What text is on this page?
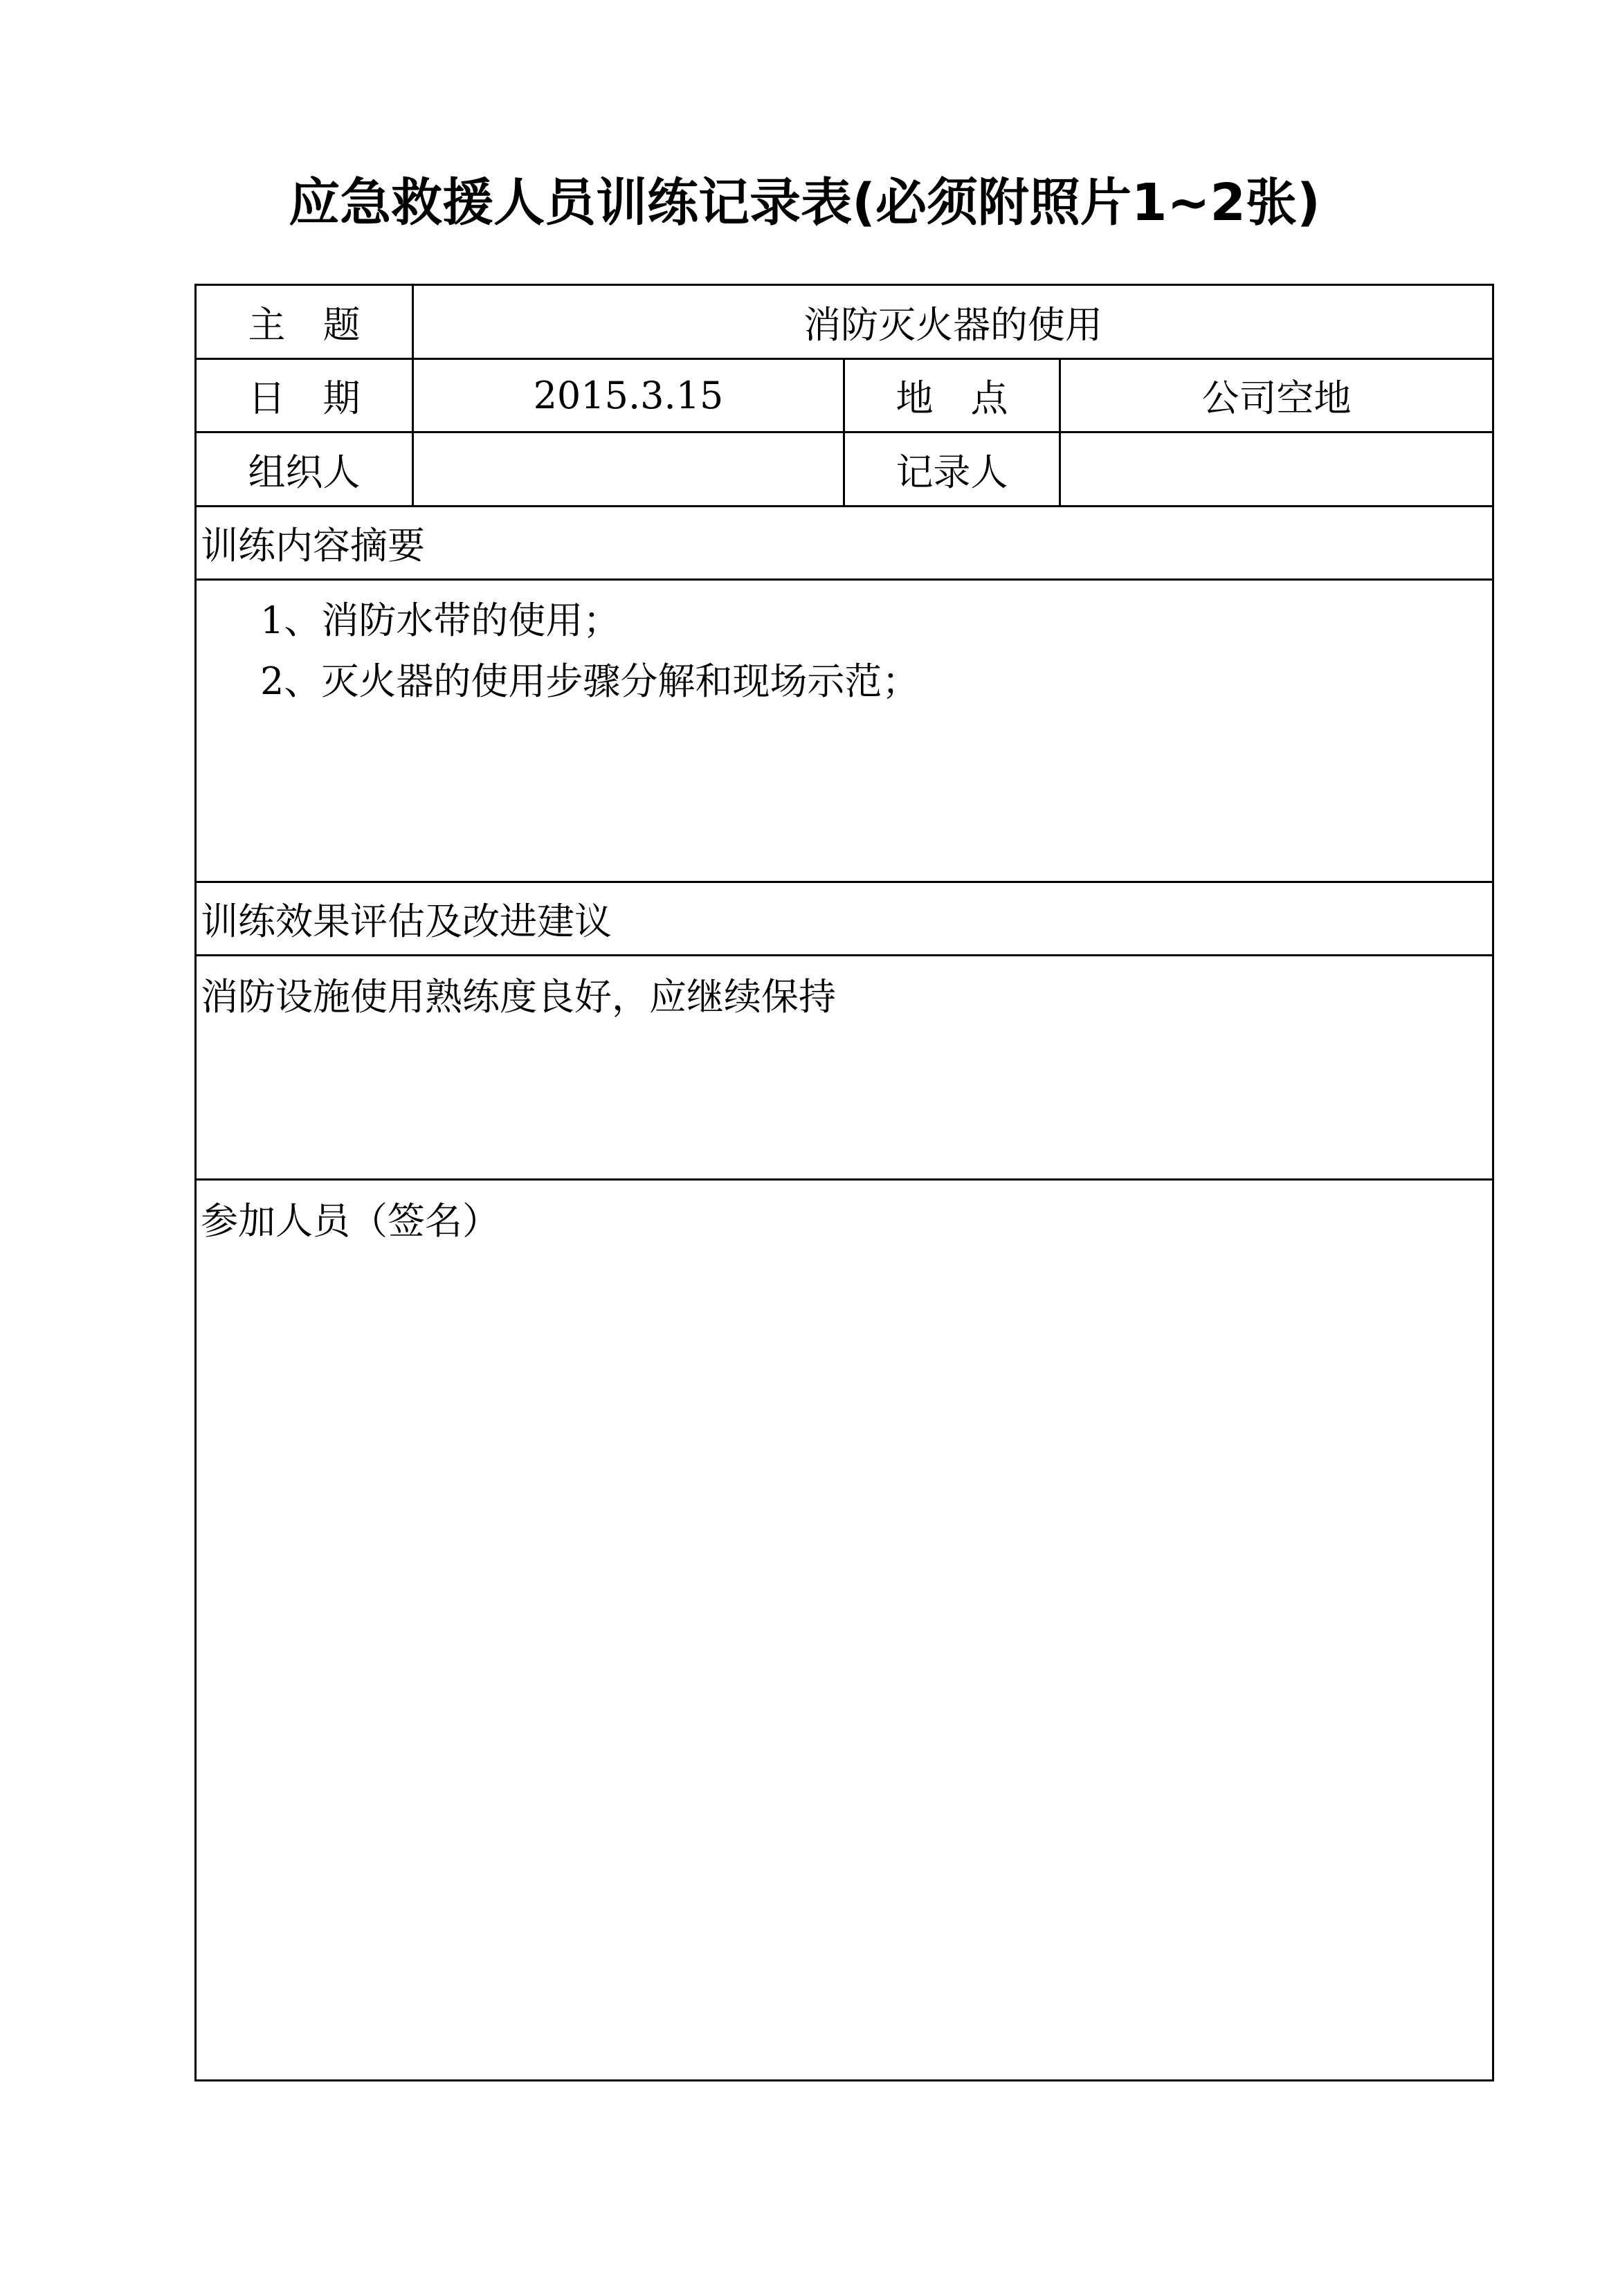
应急救援人员训练记录表(必须附照片1~2张)
主　题	消防灭火器的使用
日　期	2015.3.15	地　点	公司空地
组织人	记录人
训练内容摘要
1、消防水带的使用；
2、灭火器的使用步骤分解和现场示范；
训练效果评估及改进建议
消防设施使用熟练度良好，应继续保持
参加人员（签名）
